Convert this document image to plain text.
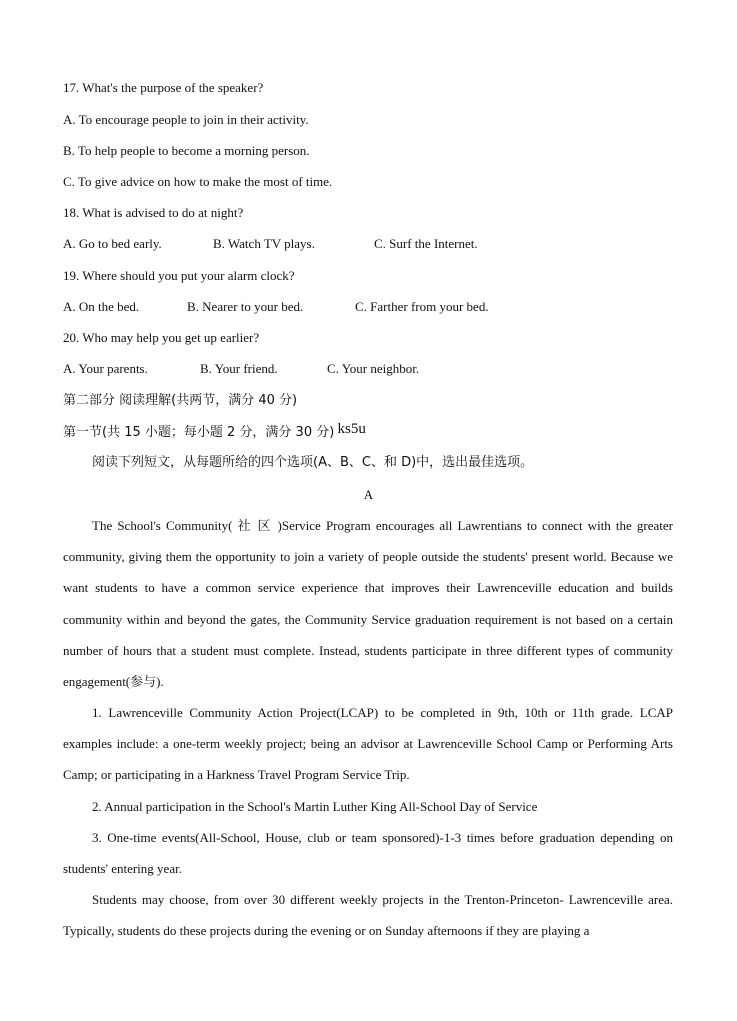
17. What's the purpose of the speaker?
A. To encourage people to join in their activity.
B. To help people to become a morning person.
C. To give advice on how to make the most of time.
18. What is advised to do at night?
A. Go to bed early.	B. Watch TV plays.	C. Surf the Internet.
19. Where should you put your alarm clock?
A. On the bed.	B. Nearer to your bed.	C. Farther from your bed.
20. Who may help you get up earlier?
A. Your parents.	B. Your friend.	C. Your neighbor.
第二部分 阅读理解(共两节，满分 40 分)
第一节(共 15 小题；每小题 2 分，满分 30 分) ks5u
阅读下列短文，从每题所给的四个选项(A、B、C、和 D)中，选出最佳选项。
A
The School's Community( 社 区 )Service Program encourages all Lawrentians to connect with the greater community, giving them the opportunity to join a variety of people outside the students' present world. Because we want students to have a common service experience that improves their Lawrenceville education and builds community within and beyond the gates, the Community Service graduation requirement is not based on a certain number of hours that a student must complete. Instead, students participate in three different types of community engagement(参与).
1. Lawrenceville Community Action Project(LCAP) to be completed in 9th, 10th or 11th grade. LCAP examples include: a one-term weekly project; being an advisor at Lawrenceville School Camp or Performing Arts Camp; or participating in a Harkness Travel Program Service Trip.
2. Annual participation in the School's Martin Luther King All-School Day of Service
3. One-time events(All-School, House, club or team sponsored)-1-3 times before graduation depending on students' entering year.
Students may choose, from over 30 different weekly projects in the Trenton-Princeton- Lawrenceville area. Typically, students do these projects during the evening or on Sunday afternoons if they are playing a
